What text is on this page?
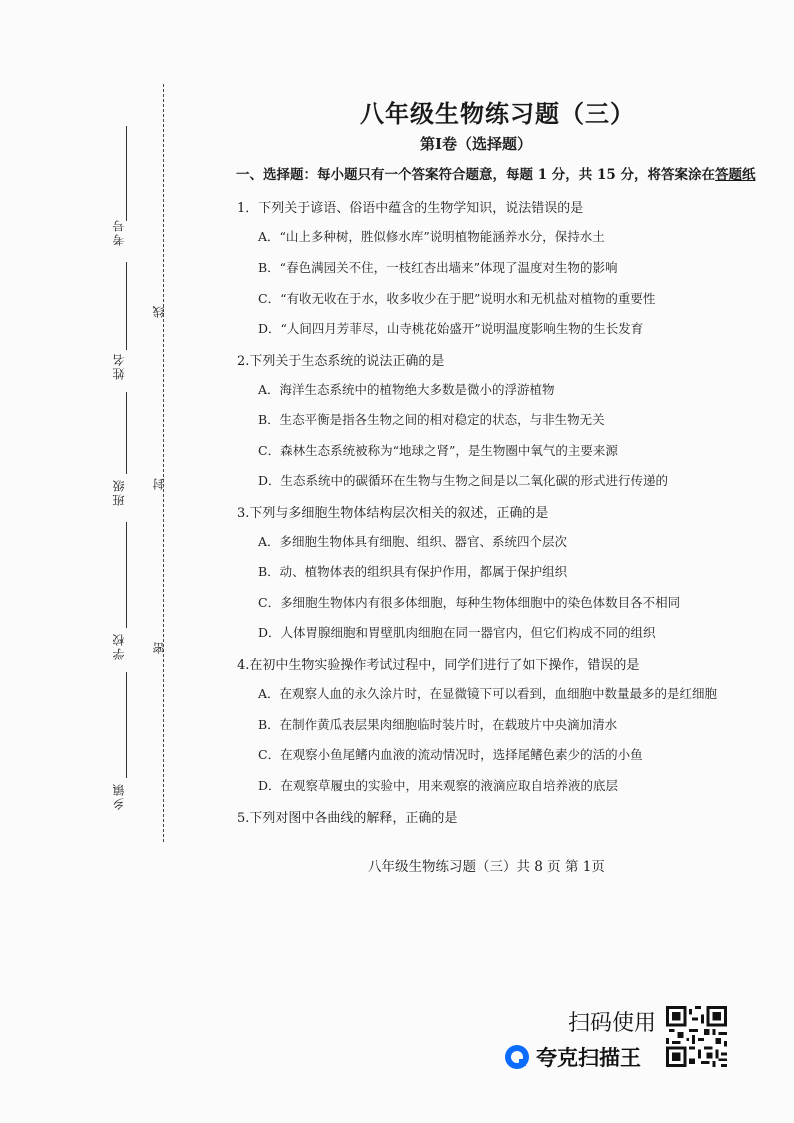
考号
姓名
班级
学校
乡镇
线
封
密
八年级生物练习题（三）
第Ⅰ卷（选择题）
一、选择题：每小题只有一个答案符合题意，每题 1 分，共 15 分，将答案涂在答题纸
1．下列关于谚语、俗语中蕴含的生物学知识，说法错误的是
A．“山上多种树，胜似修水库”说明植物能涵养水分，保持水土
B．“春色满园关不住，一枝红杏出墙来”体现了温度对生物的影响
C．“有收无收在于水，收多收少在于肥”说明水和无机盐对植物的重要性
D．“人间四月芳菲尽，山寺桃花始盛开”说明温度影响生物的生长发育
2.下列关于生态系统的说法正确的是
A．海洋生态系统中的植物绝大多数是微小的浮游植物
B．生态平衡是指各生物之间的相对稳定的状态，与非生物无关
C．森林生态系统被称为“地球之肾”，是生物圈中氧气的主要来源
D．生态系统中的碳循环在生物与生物之间是以二氧化碳的形式进行传递的
3.下列与多细胞生物体结构层次相关的叙述，正确的是
A．多细胞生物体具有细胞、组织、器官、系统四个层次
B．动、植物体表的组织具有保护作用，都属于保护组织
C．多细胞生物体内有很多体细胞，每种生物体细胞中的染色体数目各不相同
D．人体胃腺细胞和胃壁肌肉细胞在同一器官内，但它们构成不同的组织
4.在初中生物实验操作考试过程中，同学们进行了如下操作，错误的是
A．在观察人血的永久涂片时，在显微镜下可以看到，血细胞中数量最多的是红细胞
B．在制作黄瓜表层果肉细胞临时装片时，在载玻片中央滴加清水
C．在观察小鱼尾鳍内血液的流动情况时，选择尾鳍色素少的活的小鱼
D．在观察草履虫的实验中，用来观察的液滴应取自培养液的底层
5.下列对图中各曲线的解释，正确的是
八年级生物练习题（三）共 8 页 第 1页
扫码使用
夸克扫描王
